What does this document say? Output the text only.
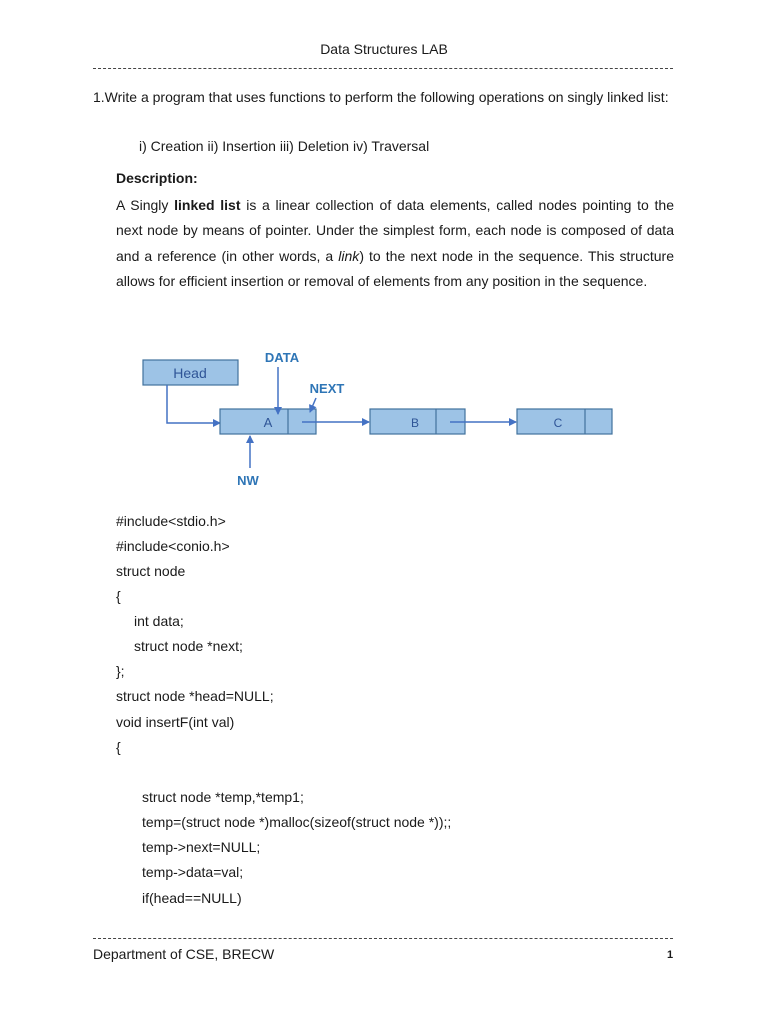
Data Structures LAB
1.Write a program that uses functions to perform the following operations on singly linked list:
i) Creation ii) Insertion iii) Deletion iv) Traversal
Description:
A Singly linked list is a linear collection of data elements, called nodes pointing to the next node by means of pointer. Under the simplest form, each node is composed of data and a reference (in other words, a link) to the next node in the sequence. This structure allows for efficient insertion or removal of elements from any position in the sequence.
Head
A	B	C
DATA
NEXT
NW
#include<stdio.h>
#include<conio.h>
struct node
{
int data;
struct node *next;
};
struct node *head=NULL;
void insertF(int val)
{
struct node *temp,*temp1;
temp=(struct node *)malloc(sizeof(struct node *));;
temp->next=NULL;
temp->data=val;
if(head==NULL)
Department of CSE, BRECW	1
